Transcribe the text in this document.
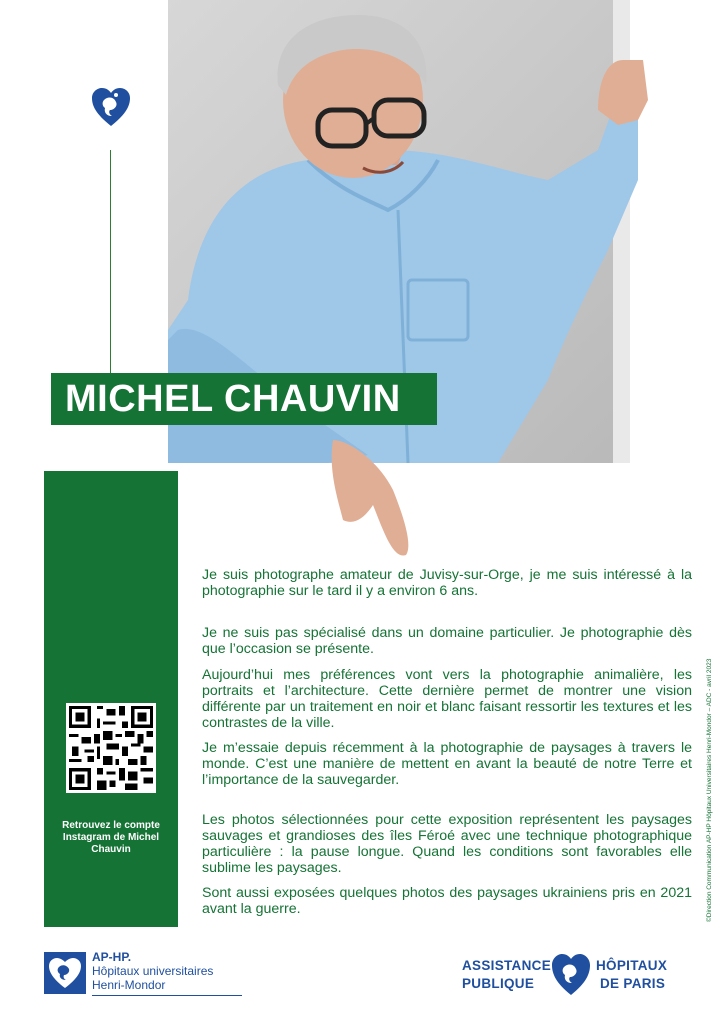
MICHEL CHAUVIN
Retrouvez le compte Instagram de Michel Chauvin

Je suis photographe amateur de Juvisy-sur-Orge, je me suis intéressé à la photographie sur le tard il y a environ 6 ans.

Je ne suis pas spécialisé dans un domaine particulier. Je photographie dès que l’occasion se présente.

Aujourd’hui mes préférences vont vers la photographie animalière, les portraits et l’architecture. Cette dernière permet de montrer une vision différente par un traitement en noir et blanc faisant ressortir les textures et les contrastes de la ville.

Je m’essaie depuis récemment à la photographie de paysages à travers le monde. C’est une manière de mettent en avant la beauté de notre Terre et l’importance de la sauvegarder.

Les photos sélectionnées pour cette exposition représentent les paysages sauvages et grandioses des îles Féroé avec une technique photographique particulière : la pause longue. Quand les conditions sont favorables elle sublime les paysages.

Sont aussi exposées quelques photos des paysages ukrainiens pris en 2021 avant la guerre.	©Direction Communication AP-HP Hôpitaux Universitaires Henri-Mondor – ADC - avril 2023
AP-HP.
Hôpitaux universitaires
Henri-Mondor
ASSISTANCE
PUBLIQUE
HÔPITAUX
DE PARIS
